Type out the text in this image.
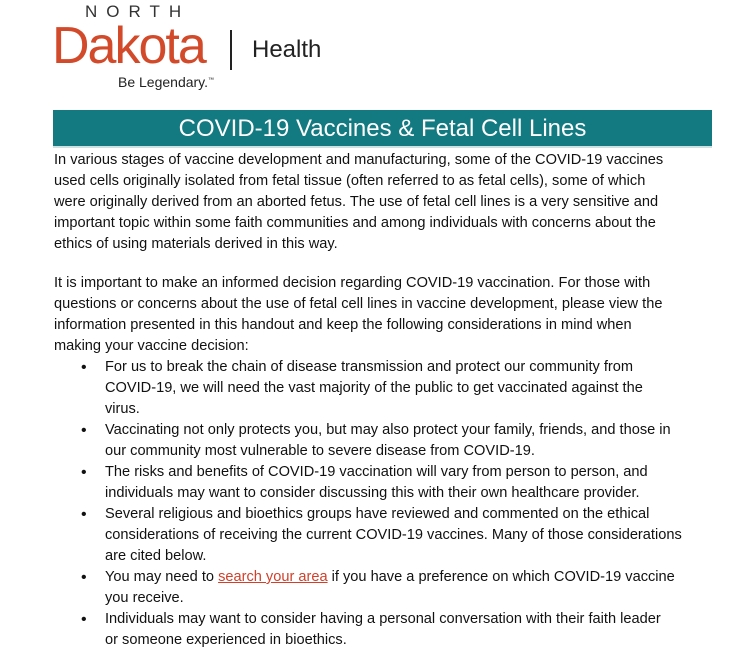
NORTH
Dakota Health
Be Legendary.™
COVID-19 Vaccines & Fetal Cell Lines
In various stages of vaccine development and manufacturing, some of the COVID-19 vaccines
used cells originally isolated from fetal tissue (often referred to as fetal cells), some of which
were originally derived from an aborted fetus. The use of fetal cell lines is a very sensitive and
important topic within some faith communities and among individuals with concerns about the
ethics of using materials derived in this way.
It is important to make an informed decision regarding COVID-19 vaccination. For those with
questions or concerns about the use of fetal cell lines in vaccine development, please view the
information presented in this handout and keep the following considerations in mind when
making your vaccine decision:
• For us to break the chain of disease transmission and protect our community from
COVID-19, we will need the vast majority of the public to get vaccinated against the
virus.
• Vaccinating not only protects you, but may also protect your family, friends, and those in
our community most vulnerable to severe disease from COVID-19.
• The risks and benefits of COVID-19 vaccination will vary from person to person, and
individuals may want to consider discussing this with their own healthcare provider.
• Several religious and bioethics groups have reviewed and commented on the ethical
considerations of receiving the current COVID-19 vaccines. Many of those considerations
are cited below.
• You may need to search your area if you have a preference on which COVID-19 vaccine
you receive.
• Individuals may want to consider having a personal conversation with their faith leader
or someone experienced in bioethics.
